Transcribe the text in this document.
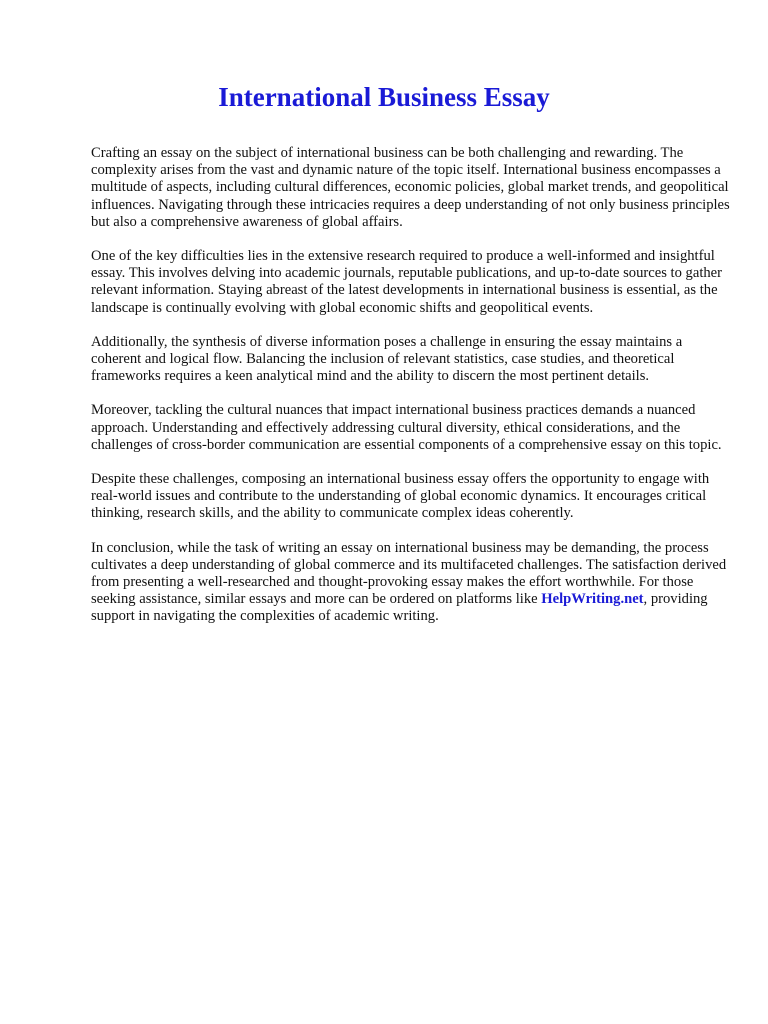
International Business Essay

Crafting an essay on the subject of international business can be both challenging and rewarding. The complexity arises from the vast and dynamic nature of the topic itself. International business encompasses a multitude of aspects, including cultural differences, economic policies, global market trends, and geopolitical influences. Navigating through these intricacies requires a deep understanding of not only business principles but also a comprehensive awareness of global affairs.

One of the key difficulties lies in the extensive research required to produce a well-informed and insightful essay. This involves delving into academic journals, reputable publications, and up-to-date sources to gather relevant information. Staying abreast of the latest developments in international business is essential, as the landscape is continually evolving with global economic shifts and geopolitical events.

Additionally, the synthesis of diverse information poses a challenge in ensuring the essay maintains a coherent and logical flow. Balancing the inclusion of relevant statistics, case studies, and theoretical frameworks requires a keen analytical mind and the ability to discern the most pertinent details.

Moreover, tackling the cultural nuances that impact international business practices demands a nuanced approach. Understanding and effectively addressing cultural diversity, ethical considerations, and the challenges of cross-border communication are essential components of a comprehensive essay on this topic.

Despite these challenges, composing an international business essay offers the opportunity to engage with real-world issues and contribute to the understanding of global economic dynamics. It encourages critical thinking, research skills, and the ability to communicate complex ideas coherently.

In conclusion, while the task of writing an essay on international business may be demanding, the process cultivates a deep understanding of global commerce and its multifaceted challenges. The satisfaction derived from presenting a well-researched and thought-provoking essay makes the effort worthwhile. For those seeking assistance, similar essays and more can be ordered on platforms like HelpWriting.net, providing support in navigating the complexities of academic writing.
